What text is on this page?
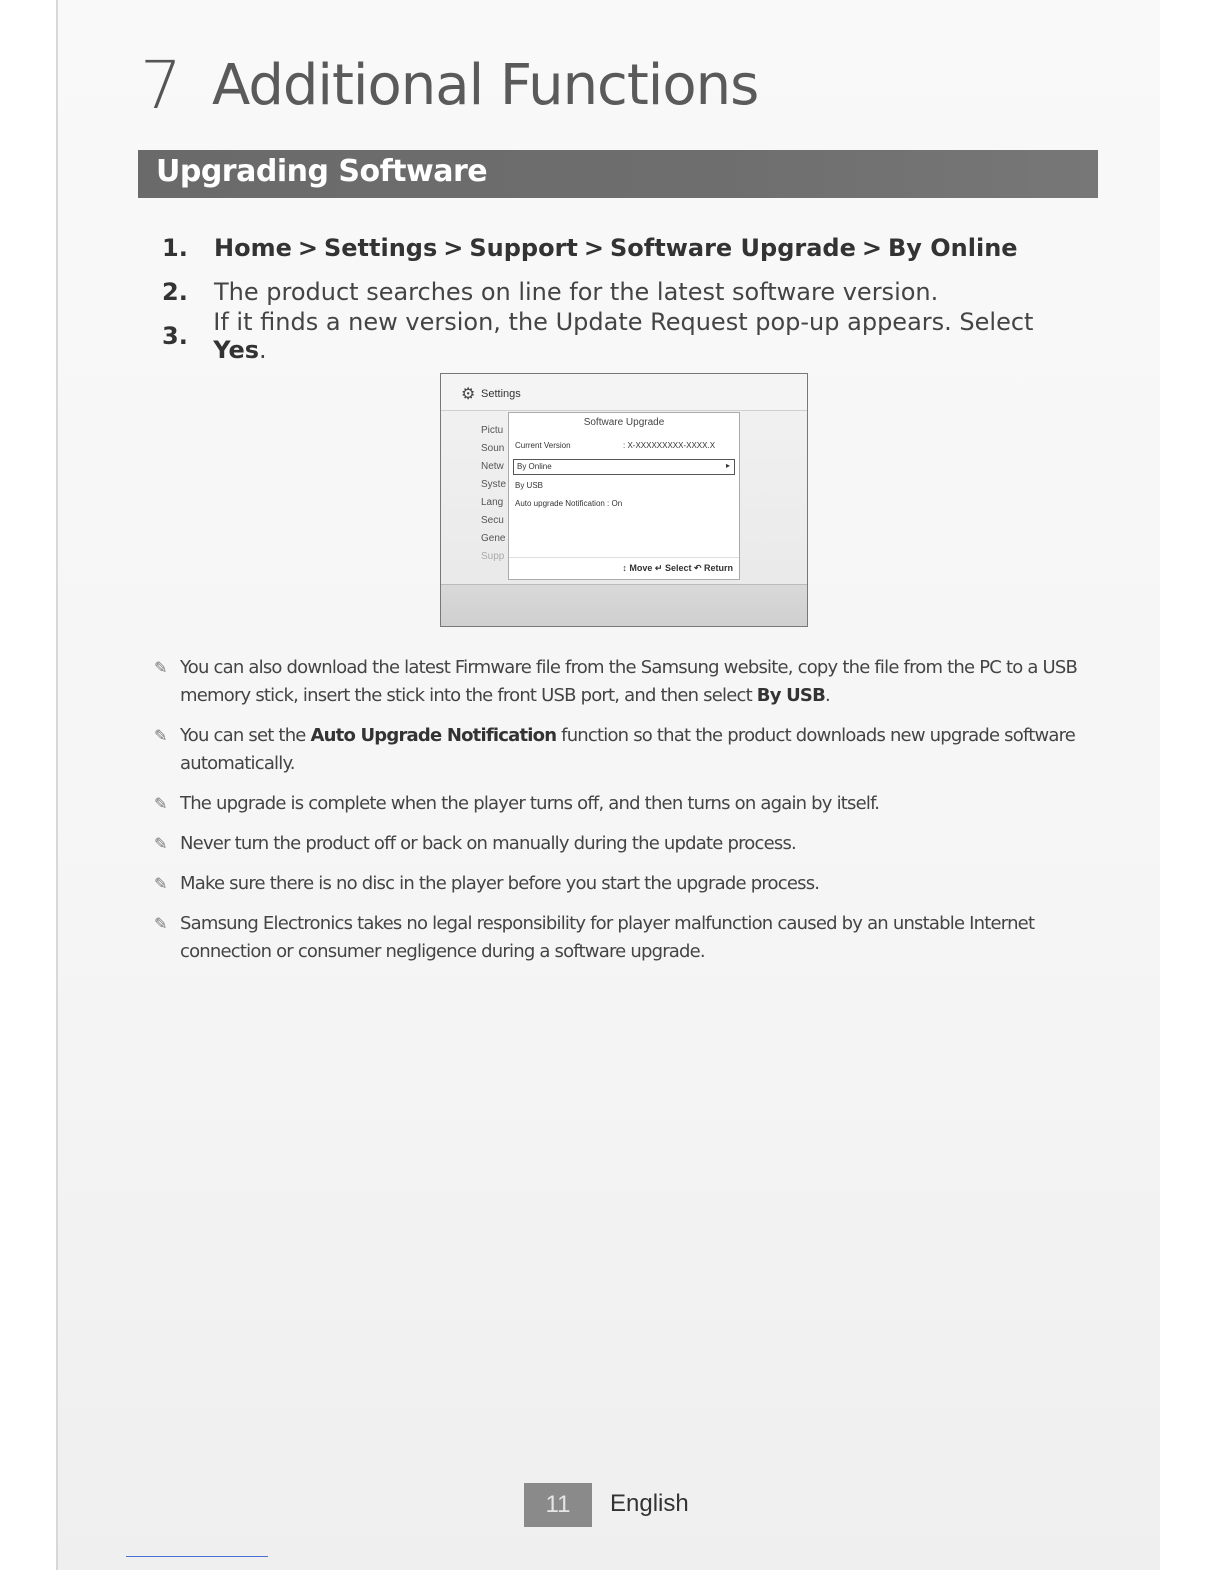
7 Additional Functions
Upgrading Software
1.	Home > Settings > Support > Software Upgrade > By Online
2.	The product searches on line for the latest software version.
3.	If it finds a new version, the Update Request pop-up appears. Select Yes.
⚙ Settings
Pictu
Soun
Netw
Syste
Lang
Secu
Gene
Supp
Software Upgrade
Current Version	: X-XXXXXXXXX-XXXX.X
By Online	▸
By USB
Auto upgrade Notification : On
↕ Move ↵ Select ↶ Return
✎ You can also download the latest Firmware file from the Samsung website, copy the file from the PC to a USB memory stick, insert the stick into the front USB port, and then select By USB.
✎ You can set the Auto Upgrade Notification function so that the product downloads new upgrade software automatically.
✎ The upgrade is complete when the player turns off, and then turns on again by itself.
✎ Never turn the product off or back on manually during the update process.
✎ Make sure there is no disc in the player before you start the upgrade process.
✎ Samsung Electronics takes no legal responsibility for player malfunction caused by an unstable Internet connection or consumer negligence during a software upgrade.
11	English
